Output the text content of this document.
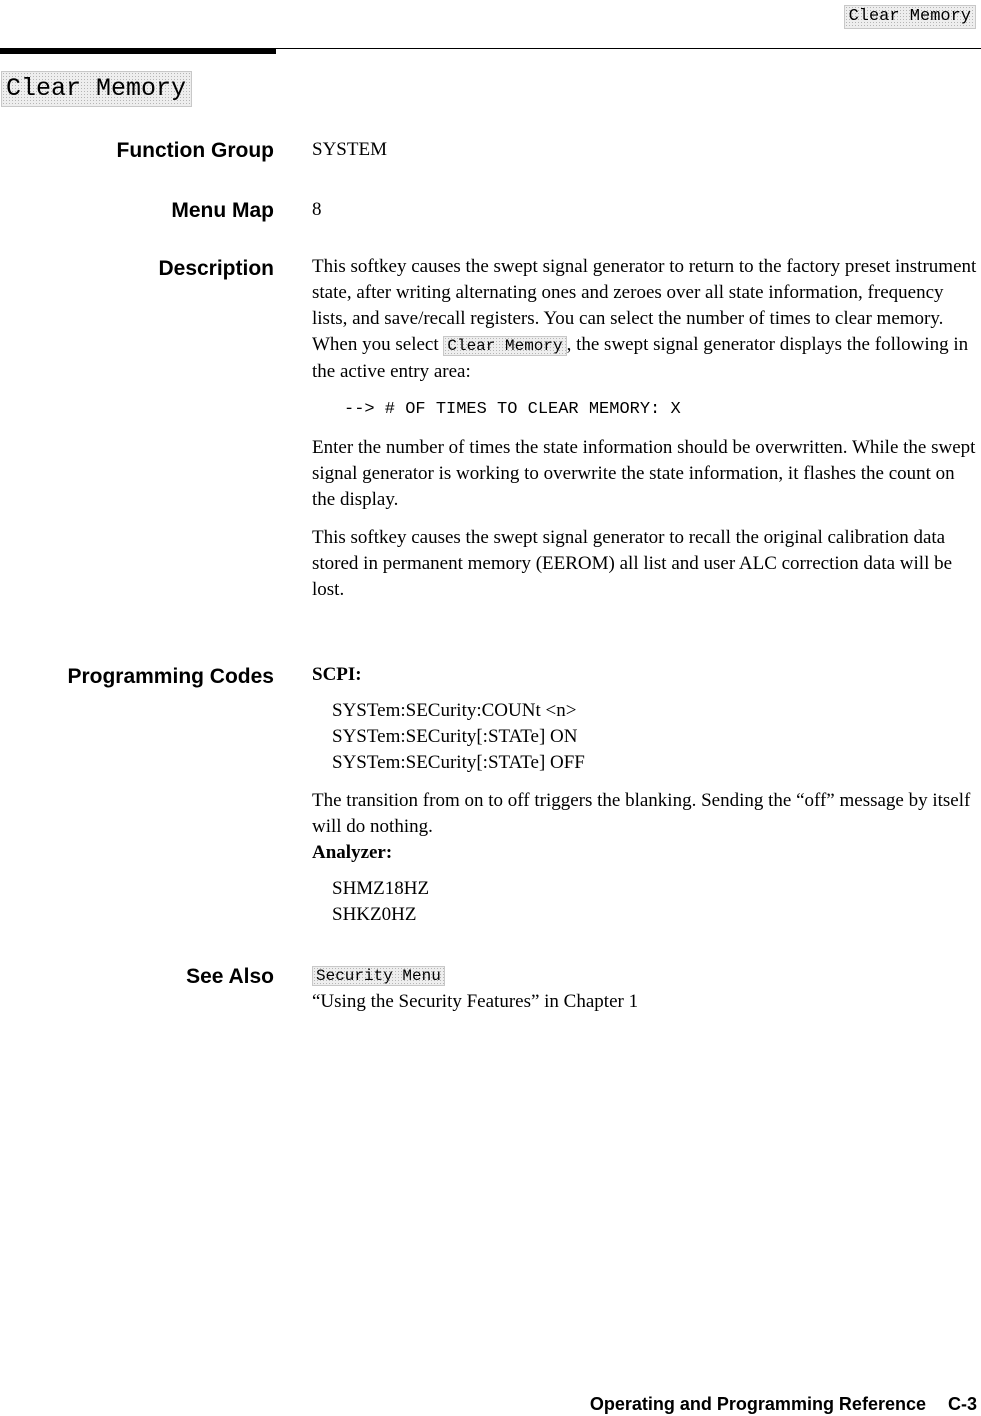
Clear Memory
Clear Memory
Function Group SYSTEM
Menu Map 8
Description This softkey causes the swept signal generator to return to the factory preset instrument state, after writing alternating ones and zeroes over all state information, frequency lists, and save/recall registers. You can select the number of times to clear memory. When you select Clear Memory , the swept signal generator displays the following in the active entry area:

--> # OF TIMES TO CLEAR MEMORY: X

Enter the number of times the state information should be overwritten. While the swept signal generator is working to overwrite the state information, it flashes the count on the display.

This softkey causes the swept signal generator to recall the original calibration data stored in permanent memory (EEROM) all list and user ALC correction data will be lost.

Programming Codes SCPI:

SYSTem:SECurity:COUNt <n>

SYSTem:SECurity[:STATe] ON

SYSTem:SECurity[:STATe] OFF

The transition from on to off triggers the blanking. Sending the “off” message by itself will do nothing.

Analyzer:

SHMZ18HZ

SHKZ0HZ

See Also	Security Menu

“Using the Security Features” in Chapter 1

Operating and Programming Reference C-3
